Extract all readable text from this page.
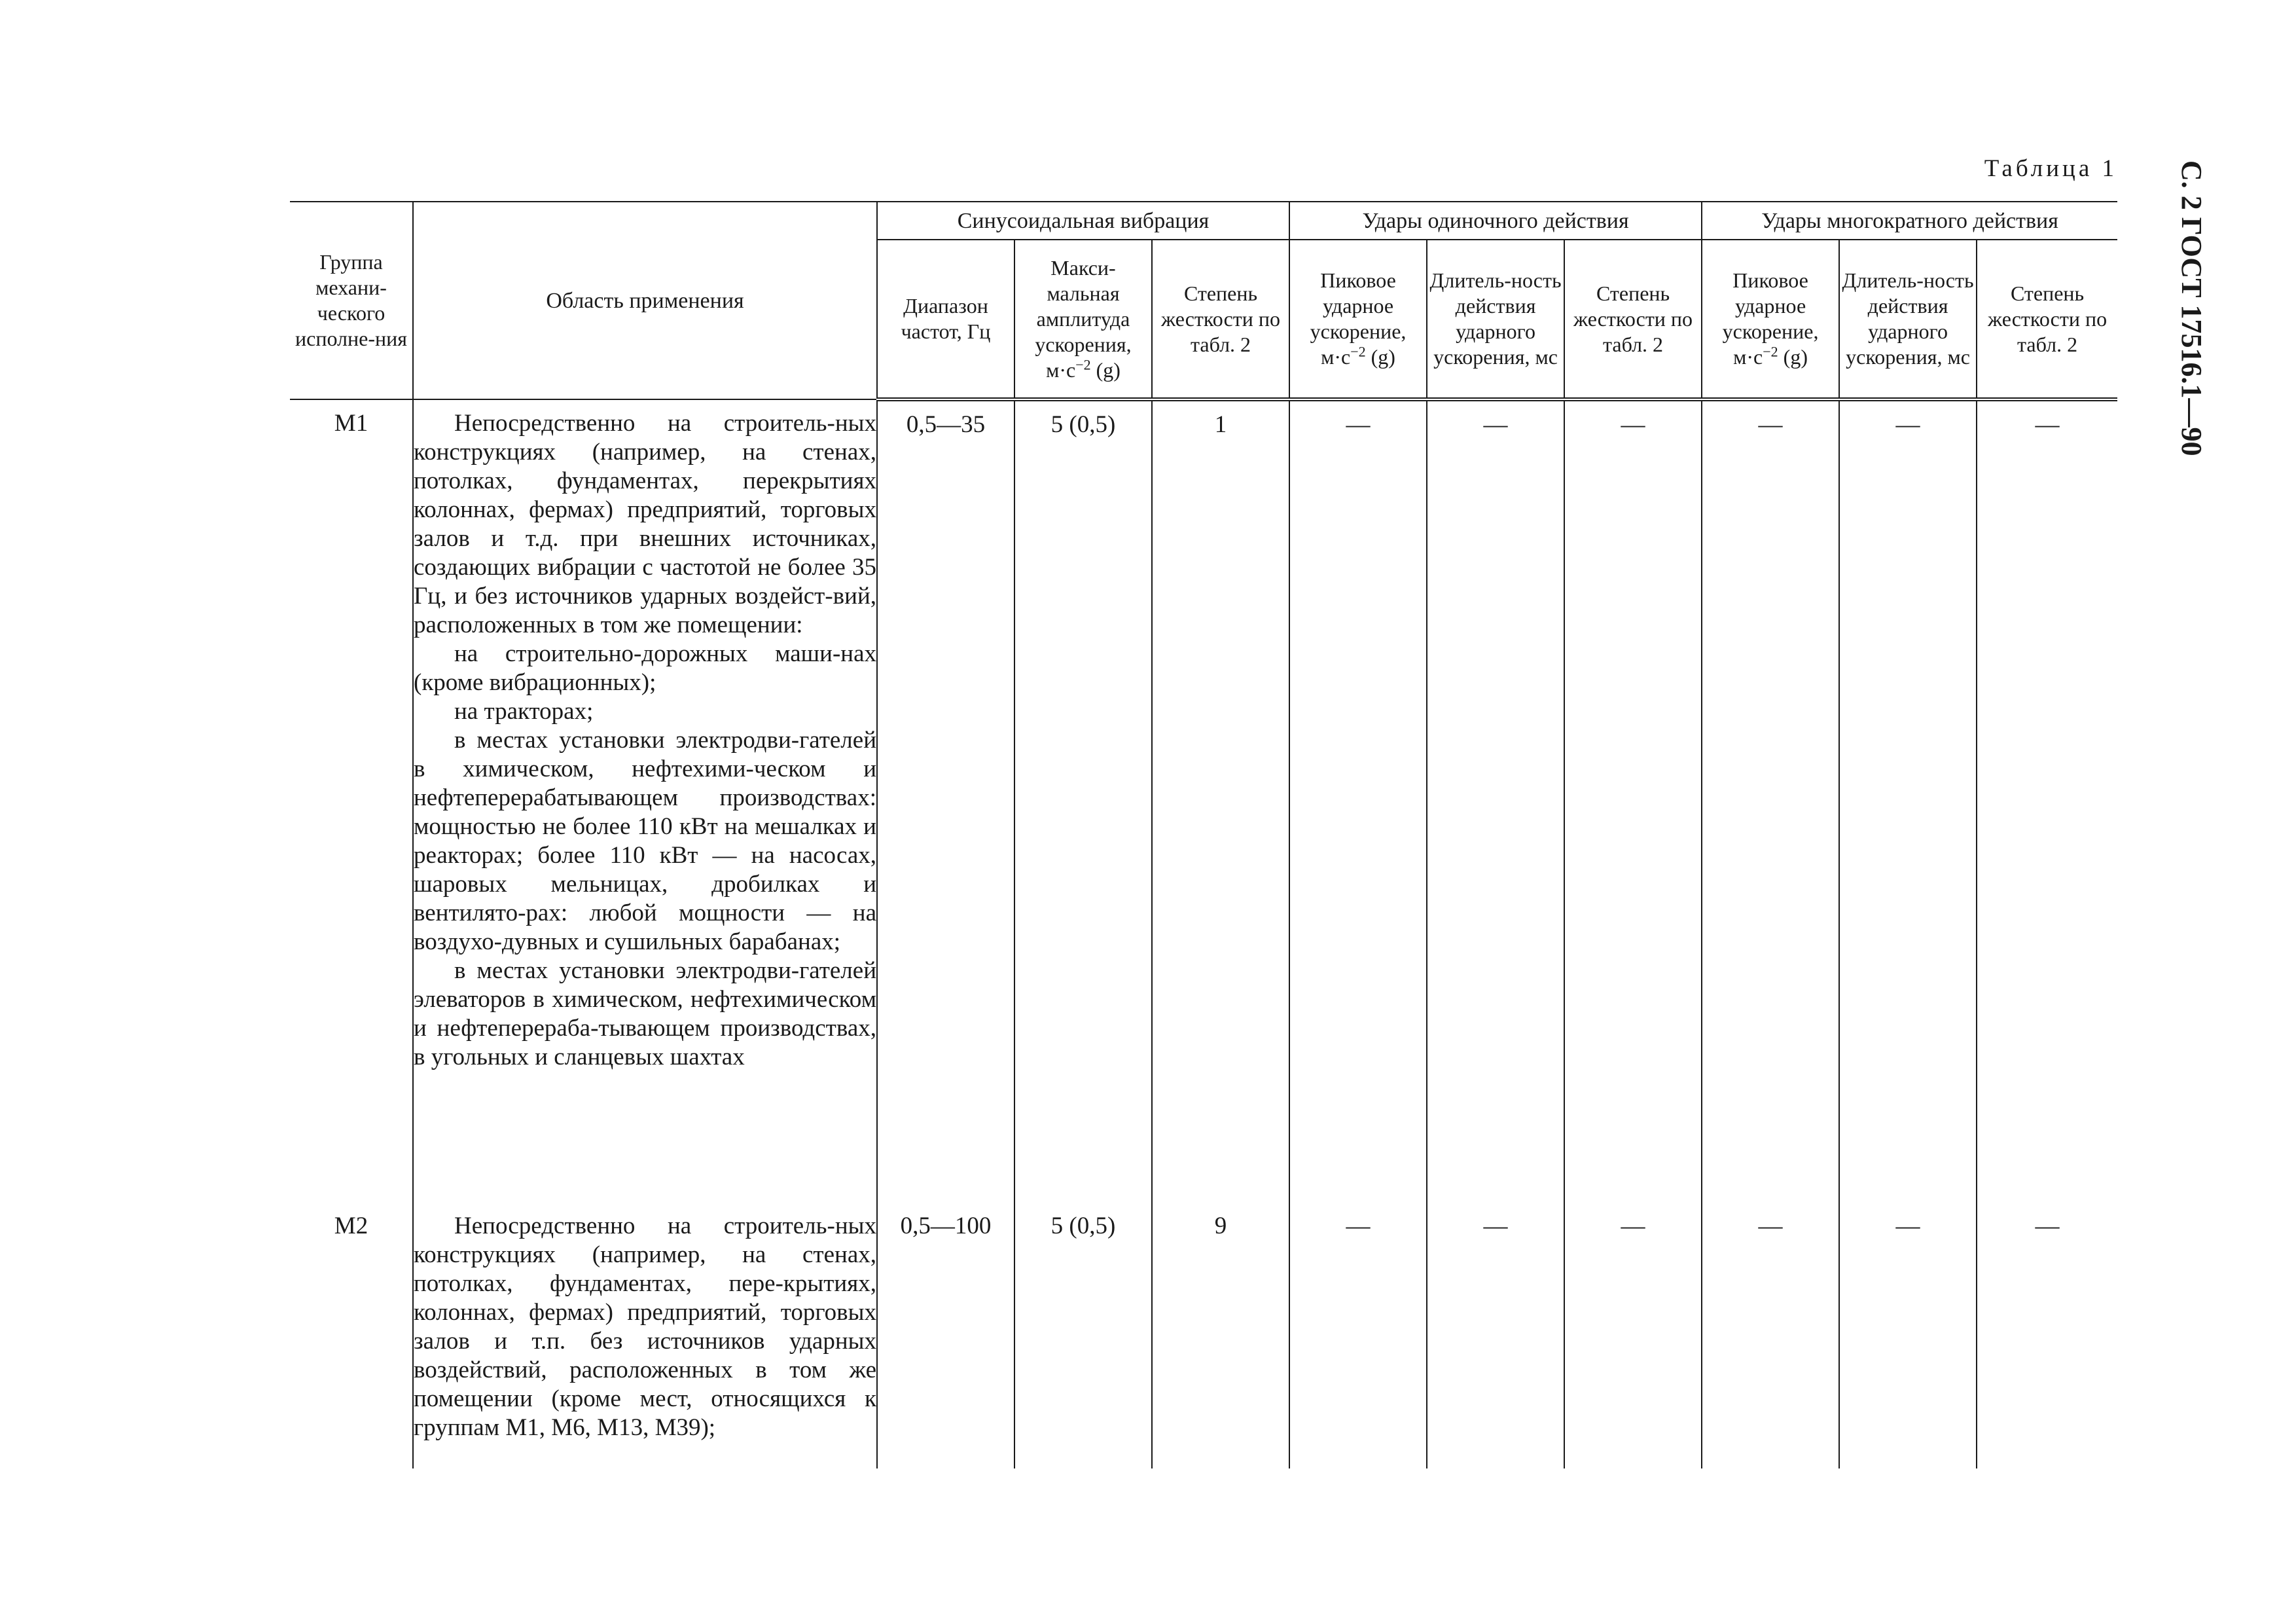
С. 2 ГОСТ 17516.1—90
Таблица 1
Группа механи-ческого исполне-ния	Область применения	Синусоидальная вибрация			Удары одиночного действия			Удары многократного действия		
		Диапазон частот, Гц	Макси-мальная амплитуда ускорения, $м\cdot с^{-2}$ (g)	Степень жесткости по табл. 2	Пиковое ударное ускорение, $м\cdot с^{-2}$ (g)	Длитель-ность действия ударного ускорения, мс	Степень жесткости по табл. 2	Пиковое ударное ускорение, $м\cdot с^{-2}$ (g)	Длитель-ность действия ударного ускорения, мс	Степень жесткости по табл. 2
М1	Непосредственно на строитель-ных конструкциях (например, на стенах, потолках, фундаментах, перекрытиях колоннах, фермах) предприятий, торговых залов и т.д. при внешних источниках, создающих вибрации с частотой не более 35 Гц, и без источников ударных воздейст-вий, расположенных в том же помещении:

на строительно-дорожных маши-нах (кроме вибрационных);

на тракторах;

в местах установки электродви-гателей в химическом, нефтехими-ческом и нефтеперерабатывающем производствах: мощностью не более 110 кВт на мешалках и реакторах; более 110 кВт — на насосах, шаровых мельницах, дробилках и вентилято-рах: любой мощности — на воздухо-дувных и сушильных барабанах;

в местах установки электродви-гателей элеваторов в химическом, нефтехимическом и нефтеперераба-тывающем производствах, в угольных и сланцевых шахтах	0,5—35	5 (0,5)	1	—	—	—	—	—	—
М2	Непосредственно на строитель-ных конструкциях (например, на стенах, потолках, фундаментах, пере-крытиях, колоннах, фермах) предприятий, торговых залов и т.п. без источников ударных воздействий, расположенных в том же помещении (кроме мест, относящихся к группам М1, М6, М13, М39);	0,5—100	5 (0,5)	9	—	—	—	—	—	—
